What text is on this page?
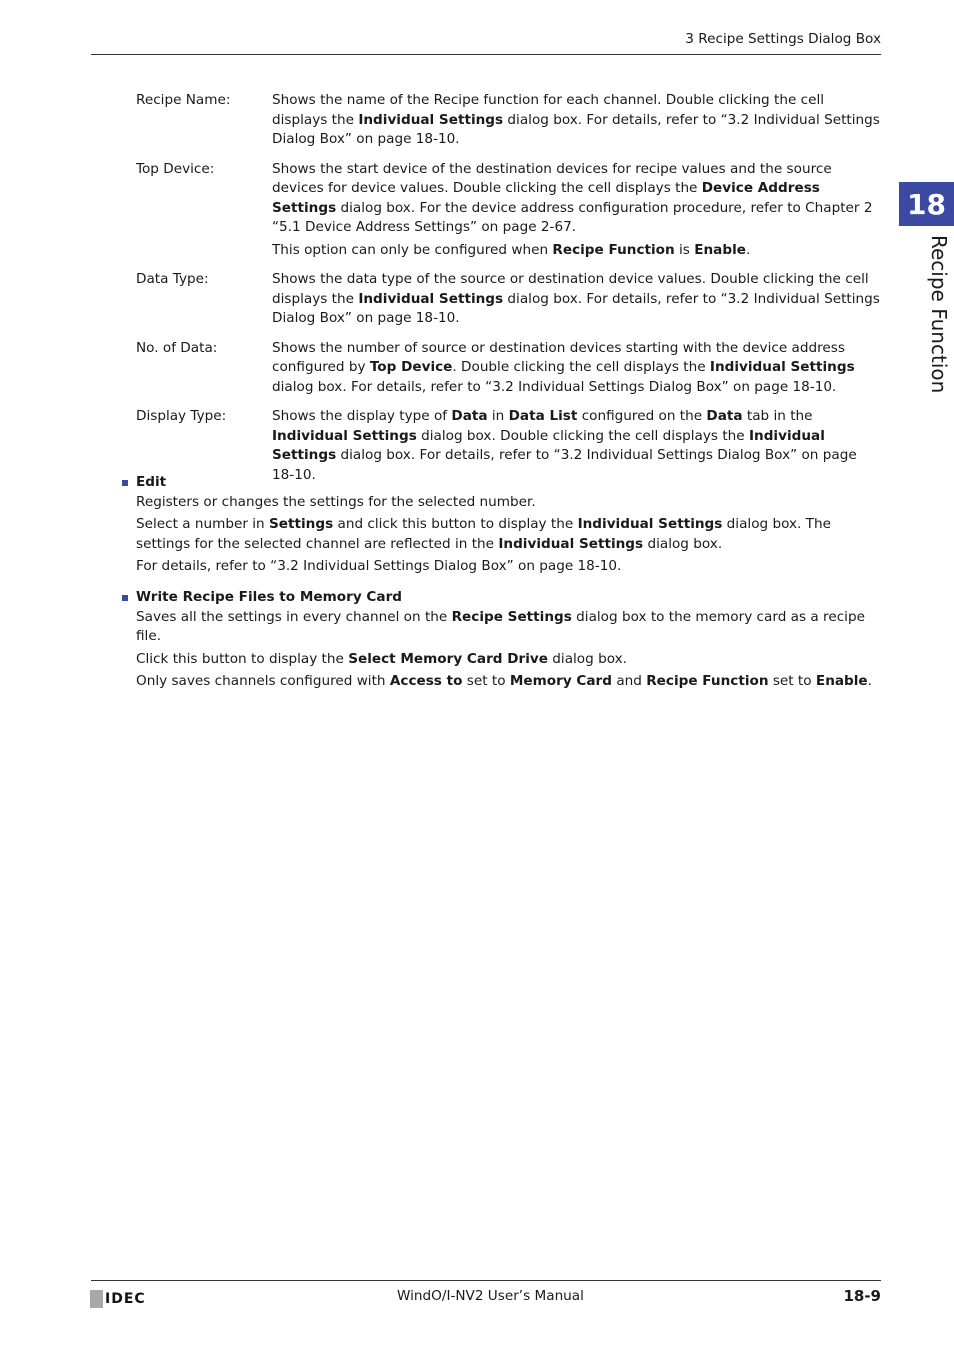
3 Recipe Settings Dialog Box
18
Recipe Function
Recipe Name:	Shows the name of the Recipe function for each channel. Double clicking the cell displays the Individual Settings dialog box. For details, refer to “3.2 Individual Settings Dialog Box” on page 18-10.

Top Device:	Shows the start device of the destination devices for recipe values and the source devices for device values. Double clicking the cell displays the Device Address Settings dialog box. For the device address configuration procedure, refer to Chapter 2 “5.1 Device Address Settings” on page 2-67.

This option can only be configured when Recipe Function is Enable.

Data Type:	Shows the data type of the source or destination device values. Double clicking the cell displays the Individual Settings dialog box. For details, refer to “3.2 Individual Settings Dialog Box” on page 18-10.

No. of Data:	Shows the number of source or destination devices starting with the device address configured by Top Device. Double clicking the cell displays the Individual Settings dialog box. For details, refer to “3.2 Individual Settings Dialog Box” on page 18-10.

Display Type:	Shows the display type of Data in Data List configured on the Data tab in the Individual Settings dialog box. Double clicking the cell displays the Individual Settings dialog box. For details, refer to “3.2 Individual Settings Dialog Box” on page 18-10.

Edit

Registers or changes the settings for the selected number.

Select a number in Settings and click this button to display the Individual Settings dialog box. The settings for the selected channel are reflected in the Individual Settings dialog box.

For details, refer to “3.2 Individual Settings Dialog Box” on page 18-10.

Write Recipe Files to Memory Card

Saves all the settings in every channel on the Recipe Settings dialog box to the memory card as a recipe file.

Click this button to display the Select Memory Card Drive dialog box.

Only saves channels configured with Access to set to Memory Card and Recipe Function set to Enable.

IDEC	WindO/I-NV2 User’s Manual	18-9
